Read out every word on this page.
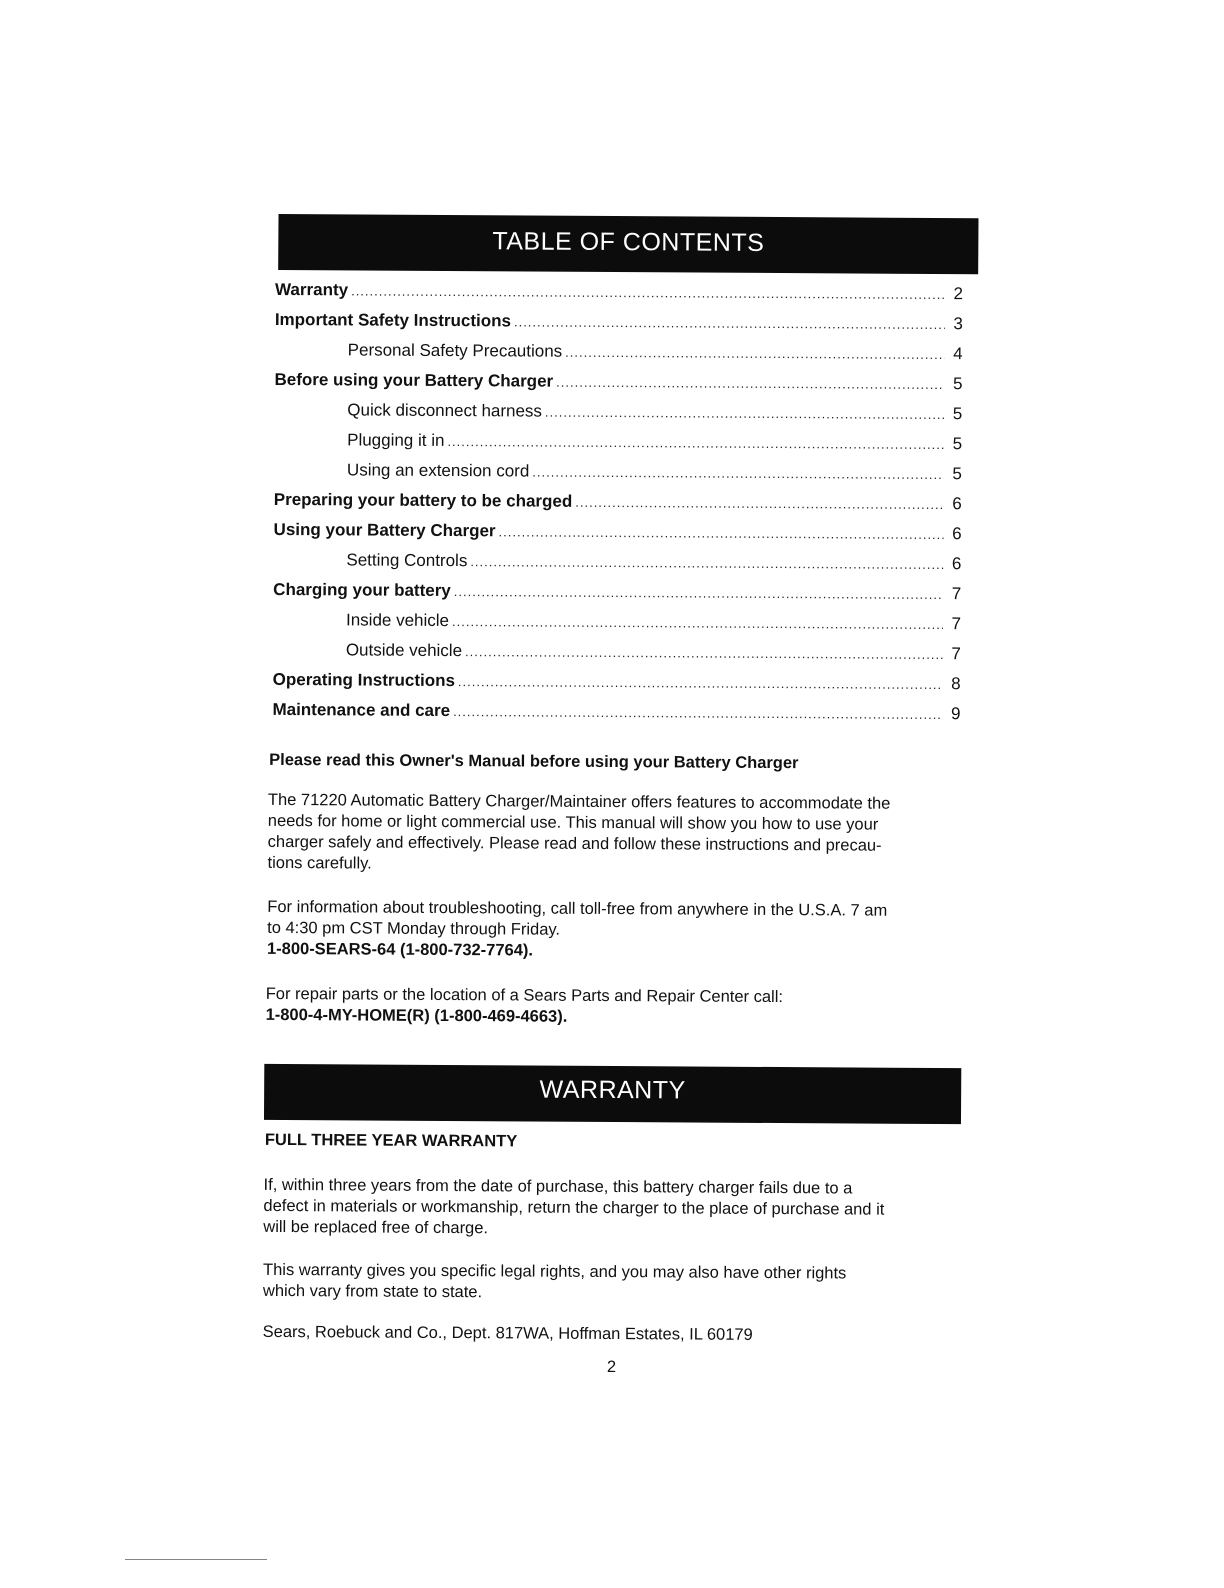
TABLE OF CONTENTS
Warranty .....	2
Important Safety Instructions .....	3
Personal Safety Precautions .....	4
Before using your Battery Charger .....	5
Quick disconnect harness .....	5
Plugging it in .....	5
Using an extension cord .....	5
Preparing your battery to be charged .....	6
Using your Battery Charger .....	6
Setting Controls .....	6
Charging your battery .....	7
Inside vehicle .....	7
Outside vehicle .....	7
Operating Instructions .....	8
Maintenance and care .....	9
Please read this Owner's Manual before using your Battery Charger

The 71220 Automatic Battery Charger/Maintainer offers features to accommodate the

needs for home or light commercial use. This manual will show you how to use your

charger safely and effectively. Please read and follow these instructions and precau-

tions carefully.

For information about troubleshooting, call toll-free from anywhere in the U.S.A. 7 am

to 4:30 pm CST Monday through Friday.

1-800-SEARS-64 (1-800-732-7764).

For repair parts or the location of a Sears Parts and Repair Center call:

1-800-4-MY-HOME(R) (1-800-469-4663).

WARRANTY
FULL THREE YEAR WARRANTY

If, within three years from the date of purchase, this battery charger fails due to a

defect in materials or workmanship, return the charger to the place of purchase and it

will be replaced free of charge.

This warranty gives you specific legal rights, and you may also have other rights

which vary from state to state.

Sears, Roebuck and Co., Dept. 817WA, Hoffman Estates, IL 60179
2
